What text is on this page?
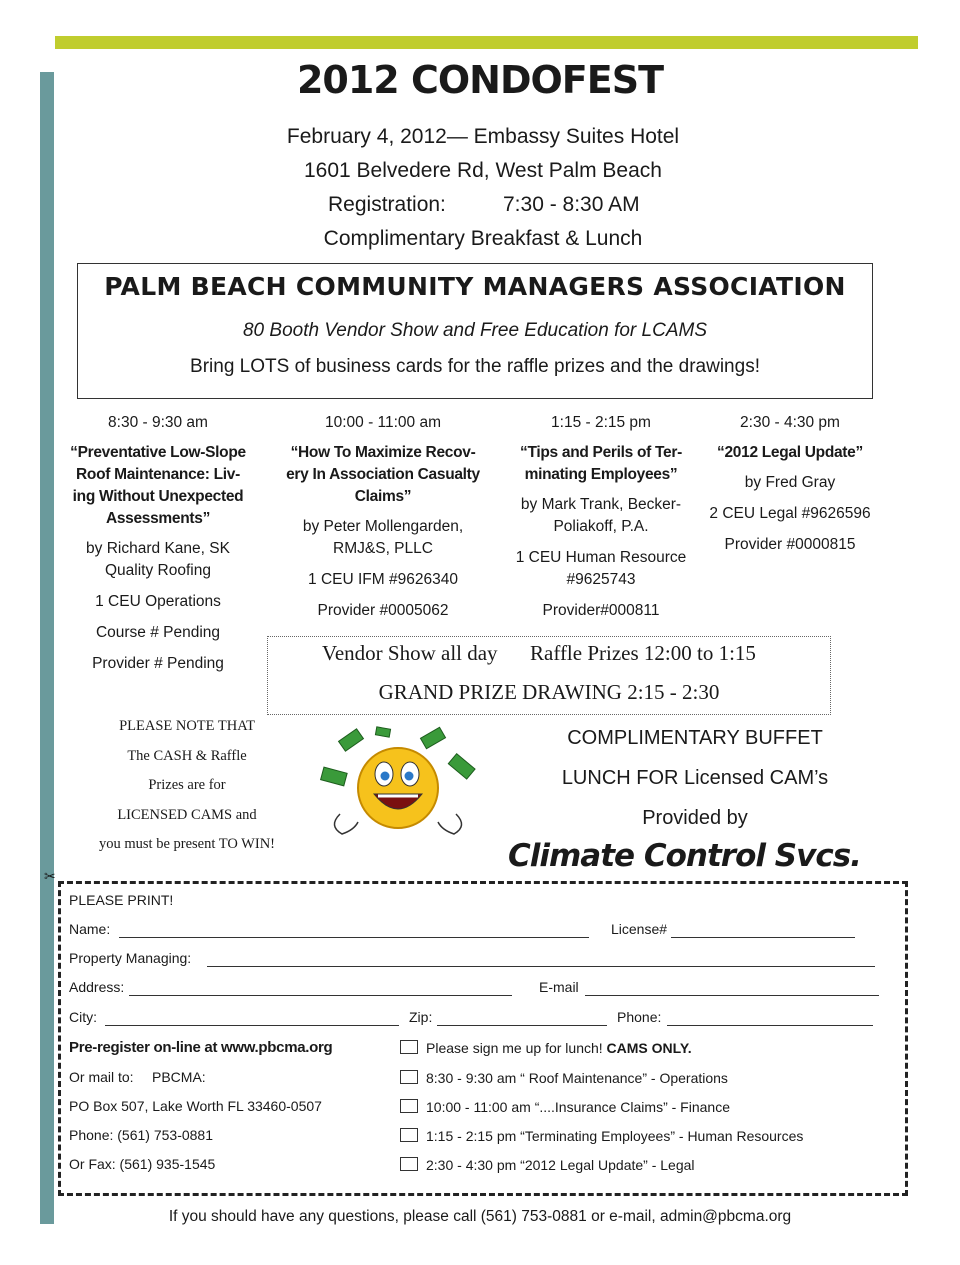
2012 CONDOFEST
February 4, 2012— Embassy Suites Hotel
1601 Belvedere Rd, West Palm Beach
Registration:	7:30 - 8:30 AM
Complimentary Breakfast & Lunch
PALM BEACH COMMUNITY MANAGERS ASSOCIATION
80 Booth Vendor Show and Free Education for LCAMS
Bring LOTS of business cards for the raffle prizes and the drawings!
8:30 - 9:30 am
“Preventative Low-Slope Roof Maintenance: Liv-ing Without Unexpected Assessments”
by Richard Kane, SK Quality Roofing
1 CEU Operations
Course # Pending
Provider # Pending
10:00 - 11:00 am
“How To Maximize Recov-ery In Association Casualty Claims”
by Peter Mollengarden, RMJ&S, PLLC
1 CEU IFM #9626340
Provider #0005062
1:15 - 2:15 pm
“Tips and Perils of Ter-minating Employees”
by Mark Trank, Becker-Poliakoff, P.A.
1 CEU Human Resource #9625743
Provider#000811
2:30 - 4:30 pm
“2012 Legal Update”
by Fred Gray
2 CEU Legal #9626596
Provider #0000815
Vendor Show all day Raffle Prizes 12:00 to 1:15
GRAND PRIZE DRAWING 2:15 - 2:30
PLEASE NOTE THAT
The CASH & Raffle
Prizes are for
LICENSED CAMS and
you must be present TO WIN!
COMPLIMENTARY BUFFET
LUNCH FOR Licensed CAM’s
Provided by
Climate Control Svcs.
✂
PLEASE PRINT!
Name:	License#
Property Managing:
Address:	E-mail
City:	Zip:	Phone:
Pre-register on-line at www.pbcma.org
Or mail to: PBCMA:
PO Box 507, Lake Worth FL 33460-0507
Phone: (561) 753-0881
Or Fax: (561) 935-1545
Please sign me up for lunch! CAMS ONLY.
8:30 - 9:30 am “ Roof Maintenance” - Operations
10:00 - 11:00 am “....Insurance Claims” - Finance
1:15 - 2:15 pm “Terminating Employees” - Human Resources
2:30 - 4:30 pm “2012 Legal Update” - Legal
If you should have any questions, please call (561) 753-0881 or e-mail, admin@pbcma.org
